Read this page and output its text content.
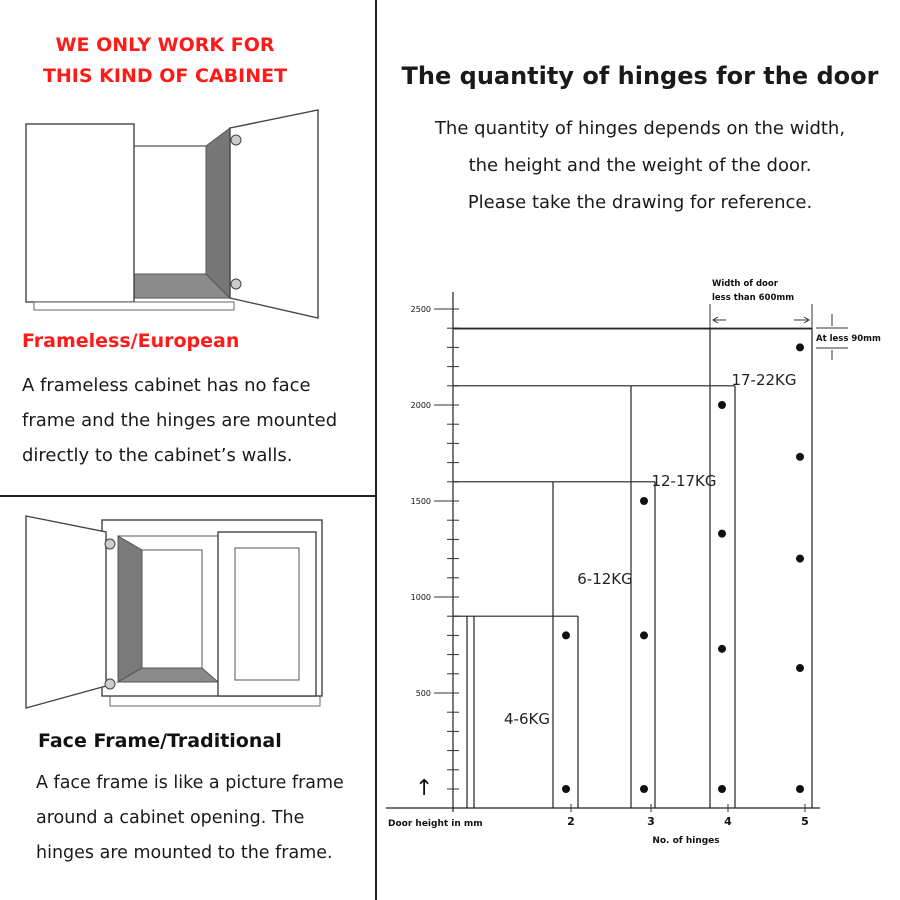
WE ONLY WORK FOR
THIS KIND OF CABINET
Frameless/European
A frameless cabinet has no face
frame and the hinges are mounted
directly to the cabinet’s walls.
Face Frame/Traditional
A face frame is like a picture frame
around a cabinet opening. The
hinges are mounted to the frame.
The quantity of hinges for the door
The quantity of hinges depends on the width,
the height and the weight of the door.
Please take the drawing for reference.
↑
Door height in mm
No. of hinges
Width of door
less than 600mm
At less 90mm
2500
2000
1500
1000
500
2	3	4	5
4-6KG
6-12KG
12-17KG
17-22KG
